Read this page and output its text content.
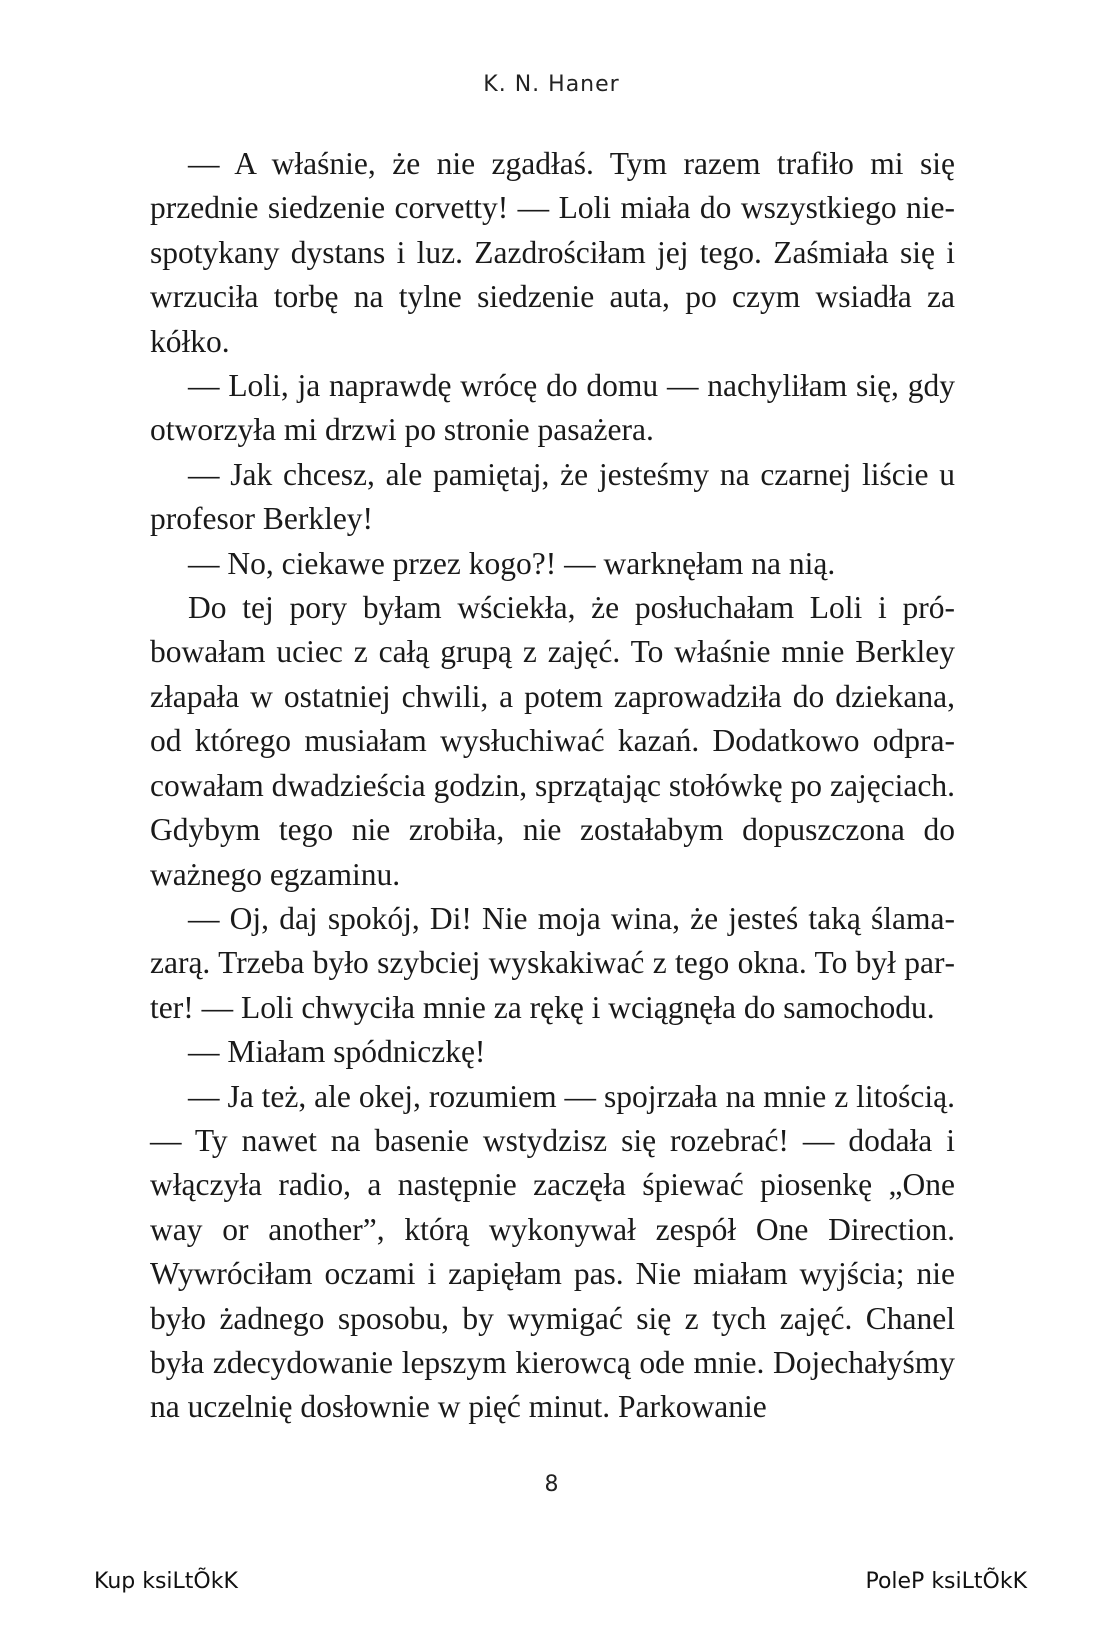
K. N. Haner

— A właśnie, że nie zgadłaś. Tym razem trafiło mi się przednie siedzenie corvetty! — Loli miała do wszystkiego niespotykany dystans i luz. Zazdrościłam jej tego. Zaśmiała się i wrzuciła torbę na tylne siedzenie auta, po czym wsiadła za kółko.

— Loli, ja naprawdę wrócę do domu — nachyliłam się, gdy otworzyła mi drzwi po stronie pasażera.

— Jak chcesz, ale pamiętaj, że jesteśmy na czarnej liście u profesor Berkley!

— No, ciekawe przez kogo?! — warknęłam na nią.

Do tej pory byłam wściekła, że posłuchałam Loli i próbowałam uciec z całą grupą z zajęć. To właśnie mnie Berkley złapała w ostatniej chwili, a potem zaprowadziła do dziekana, od którego musiałam wysłuchiwać kazań. Dodatkowo odpracowałam dwadzieścia godzin, sprzątając stołówkę po zajęciach. Gdybym tego nie zrobiła, nie zostałabym dopuszczona do ważnego egzaminu.

— Oj, daj spokój, Di! Nie moja wina, że jesteś taką ślamazarą. Trzeba było szybciej wyskakiwać z tego okna. To był parter! — Loli chwyciła mnie za rękę i wciągnęła do samochodu.

— Miałam spódniczkę!

— Ja też, ale okej, rozumiem — spojrzała na mnie z litością. — Ty nawet na basenie wstydzisz się rozebrać! — dodała i włączyła radio, a następnie zaczęła śpiewać piosenkę „One way or another”, którą wykonywał zespół One Direction. Wywróciłam oczami i zapięłam pas. Nie miałam wyjścia; nie było żadnego sposobu, by wymigać się z tych zajęć. Chanel była zdecydowanie lepszym kierowcą ode mnie. Dojechałyśmy na uczelnię dosłownie w pięć minut. Parkowanie

8
Kup ksiLtÕkK	PoleP ksiLtÕkK
